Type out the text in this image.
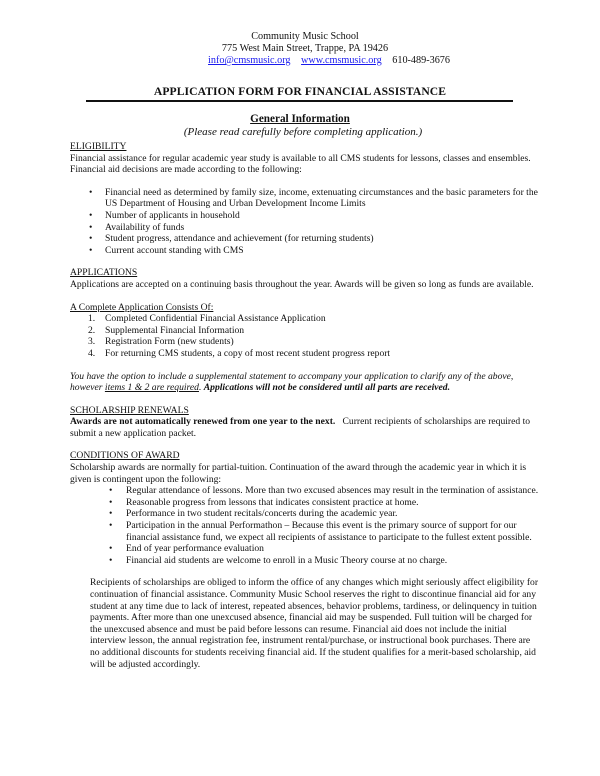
Community Music School
775 West Main Street, Trappe, PA 19426
info@cmsmusic.org www.cmsmusic.org 610-489-3676
APPLICATION FORM FOR FINANCIAL ASSISTANCE
General Information
(Please read carefully before completing application.)
ELIGIBILITY

Financial assistance for regular academic year study is available to all CMS students for lessons, classes and ensembles. Financial aid decisions are made according to the following:

• Financial need as determined by family size, income, extenuating circumstances and the basic parameters for the US Department of Housing and Urban Development Income Limits
• Number of applicants in household
• Availability of funds
• Student progress, attendance and achievement (for returning students)
• Current account standing with CMS
APPLICATIONS

Applications are accepted on a continuing basis throughout the year. Awards will be given so long as funds are available.

A Complete Application Consists Of:
1. Completed Confidential Financial Assistance Application
2. Supplemental Financial Information
3. Registration Form (new students)
4. For returning CMS students, a copy of most recent student progress report

You have the option to include a supplemental statement to accompany your application to clarify any of the above, however items 1 & 2 are required. Applications will not be considered until all parts are received.

SCHOLARSHIP RENEWALS

Awards are not automatically renewed from one year to the next.   Current recipients of scholarships are required to submit a new application packet.

CONDITIONS OF AWARD

Scholarship awards are normally for partial-tuition. Continuation of the award through the academic year in which it is given is contingent upon the following:

• Regular attendance of lessons. More than two excused absences may result in the termination of assistance.
• Reasonable progress from lessons that indicates consistent practice at home.
• Performance in two student recitals/concerts during the academic year.
• Participation in the annual Performathon – Because this event is the primary source of support for our financial assistance fund, we expect all recipients of assistance to participate to the fullest extent possible.
• End of year performance evaluation
• Financial aid students are welcome to enroll in a Music Theory course at no charge.

Recipients of scholarships are obliged to inform the office of any changes which might seriously affect eligibility for continuation of financial assistance. Community Music School reserves the right to discontinue financial aid for any student at any time due to lack of interest, repeated absences, behavior problems, tardiness, or delinquency in tuition payments. After more than one unexcused absence, financial aid may be suspended. Full tuition will be charged for the unexcused absence and must be paid before lessons can resume. Financial aid does not include the initial interview lesson, the annual registration fee, instrument rental/purchase, or instructional book purchases. There are no additional discounts for students receiving financial aid. If the student qualifies for a merit-based scholarship, aid will be adjusted accordingly.
